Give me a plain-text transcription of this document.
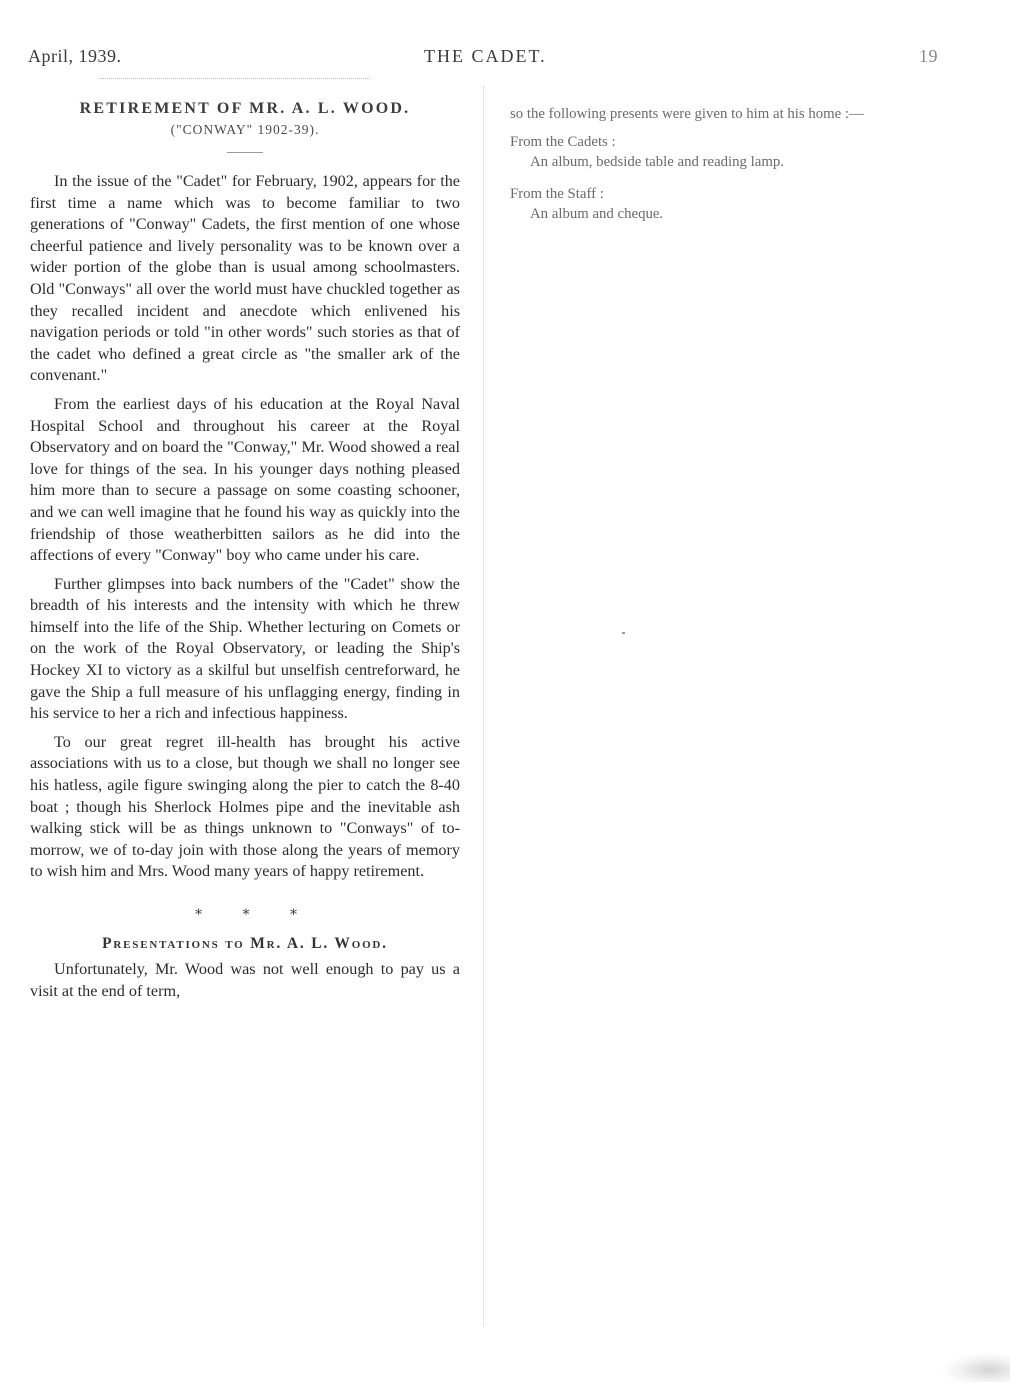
April, 1939.	THE CADET.	19
RETIREMENT OF MR. A. L. WOOD.

("CONWAY" 1902-39).

In the issue of the "Cadet" for February, 1902, appears for the first time a name which was to become familiar to two generations of "Conway" Cadets, the first mention of one whose cheerful patience and lively personality was to be known over a wider portion of the globe than is usual among schoolmasters. Old "Conways" all over the world must have chuckled together as they recalled incident and anecdote which enlivened his navigation periods or told "in other words" such stories as that of the cadet who defined a great circle as "the smaller ark of the convenant."

From the earliest days of his education at the Royal Naval Hospital School and throughout his career at the Royal Observatory and on board the "Conway," Mr. Wood showed a real love for things of the sea. In his younger days nothing pleased him more than to secure a passage on some coasting schooner, and we can well imagine that he found his way as quickly into the friendship of those weatherbitten sailors as he did into the affections of every "Conway" boy who came under his care.

Further glimpses into back numbers of the "Cadet" show the breadth of his interests and the intensity with which he threw himself into the life of the Ship. Whether lecturing on Comets or on the work of the Royal Observatory, or leading the Ship's Hockey XI to victory as a skilful but unselfish centreforward, he gave the Ship a full measure of his unflagging energy, finding in his service to her a rich and infectious happiness.

To our great regret ill-health has brought his active associations with us to a close, but though we shall no longer see his hatless, agile figure swinging along the pier to catch the 8-40 boat ; though his Sherlock Holmes pipe and the inevitable ash walking stick will be as things unknown to "Conways" of to-morrow, we of to-day join with those along the years of memory to wish him and Mrs. Wood many years of happy retirement.

* * *
Presentations to Mr. A. L. Wood.

Unfortunately, Mr. Wood was not well enough to pay us a visit at the end of term,

so the following presents were given to him at his home :—

From the Cadets :

An album, bedside table and reading lamp.

From the Staff :

An album and cheque.
